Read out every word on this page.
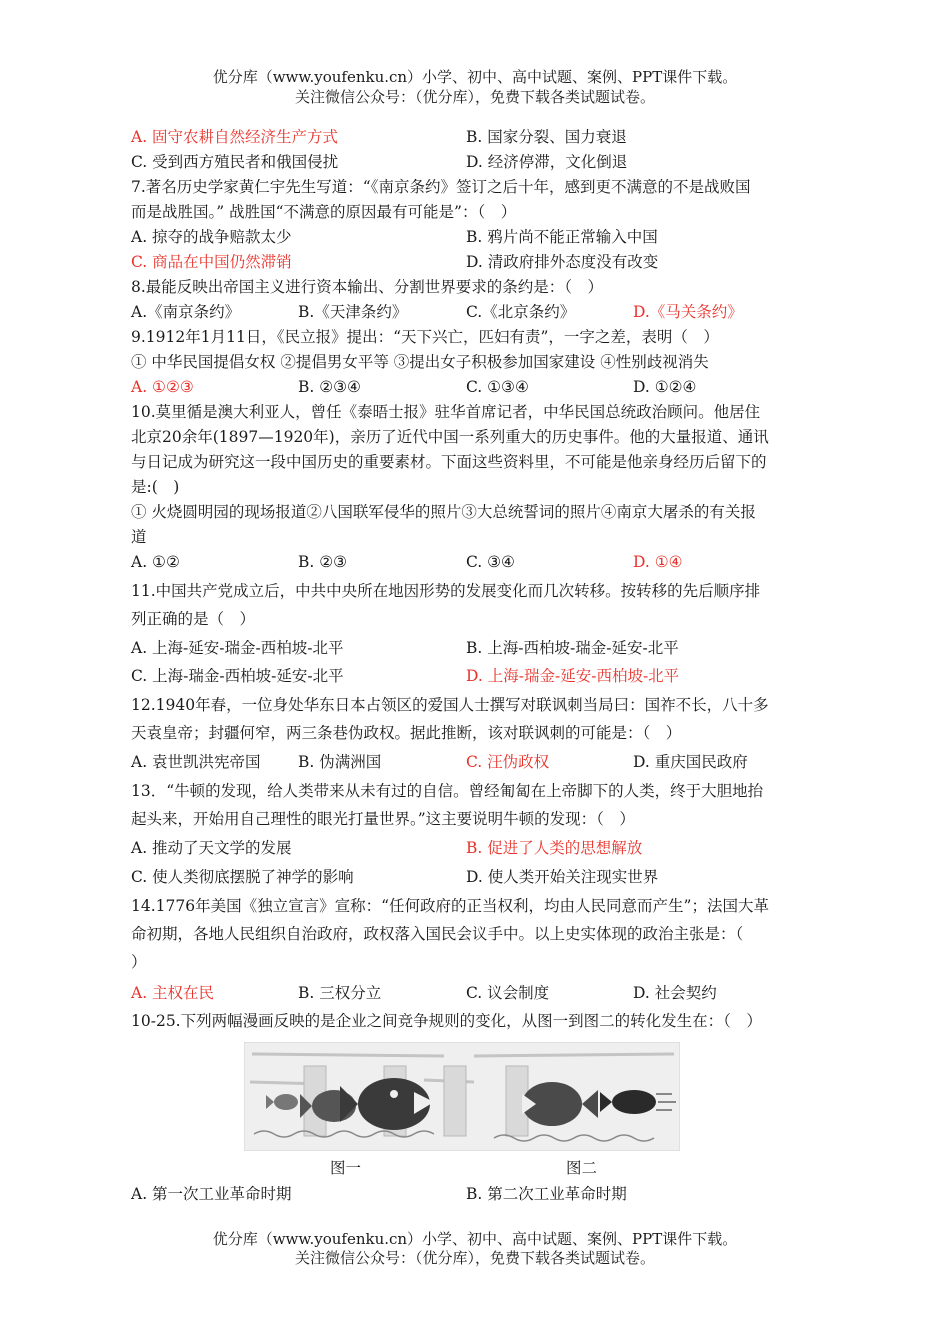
优分库（www.youfenku.cn）小学、初中、高中试题、案例、PPT课件下载。
关注微信公众号：（优分库），免费下载各类试题试卷。
A. 固守农耕自然经济生产方式	B. 国家分裂、国力衰退
C. 受到西方殖民者和俄国侵扰	D. 经济停滞，文化倒退
7.著名历史学家黄仁宇先生写道：“《南京条约》签订之后十年，感到更不满意的不是战败国
而是战胜国。” 战胜国“不满意的原因最有可能是”：（　）
A. 掠夺的战争赔款太少	B. 鸦片尚不能正常输入中国
C. 商品在中国仍然滞销	D. 清政府排外态度没有改变
8.最能反映出帝国主义进行资本输出、分割世界要求的条约是：（　）
A.《南京条约》	B.《天津条约》	C.《北京条约》	D.《马关条约》
9.1912年1月11日，《民立报》提出：“天下兴亡，匹妇有责”，一字之差，表明（　）
① 中华民国提倡女权 ②提倡男女平等 ③提出女子积极参加国家建设 ④性别歧视消失
A. ①②③	B. ②③④	C. ①③④	D. ①②④
10.莫里循是澳大利亚人，曾任《泰晤士报》驻华首席记者，中华民国总统政治顾问。他居住
北京20余年(1897—1920年)，亲历了近代中国一系列重大的历史事件。他的大量报道、通讯
与日记成为研究这一段中国历史的重要素材。下面这些资料里，不可能是他亲身经历后留下的
是:(　)
① 火烧圆明园的现场报道②八国联军侵华的照片③大总统誓词的照片④南京大屠杀的有关报
道
A. ①②	B. ②③	C. ③④	D. ①④
11.中国共产党成立后，中共中央所在地因形势的发展变化而几次转移。按转移的先后顺序排
列正确的是（　）
A. 上海-延安-瑞金-西柏坡-北平	B. 上海-西柏坡-瑞金-延安-北平
C. 上海-瑞金-西柏坡-延安-北平	D. 上海-瑞金-延安-西柏坡-北平
12.1940年春，一位身处华东日本占领区的爱国人士撰写对联讽刺当局曰：国祚不长，八十多
天袁皇帝；封疆何窄，两三条巷伪政权。据此推断，该对联讽刺的可能是：（　）
A. 袁世凯洪宪帝国 B. 伪满洲国	C. 汪伪政权	D. 重庆国民政府
13．“牛顿的发现，给人类带来从未有过的自信。曾经匍匐在上帝脚下的人类，终于大胆地抬
起头来，开始用自己理性的眼光打量世界。”这主要说明牛顿的发现：（　）
A. 推动了天文学的发展	B. 促进了人类的思想解放
C. 使人类彻底摆脱了神学的影响	D. 使人类开始关注现实世界
14.1776年美国《独立宣言》宣称：“任何政府的正当权利，均由人民同意而产生”；法国大革
命初期，各地人民组织自治政府，政权落入国民会议手中。以上史实体现的政治主张是：（
）
A. 主权在民	B. 三权分立	C. 议会制度	D. 社会契约
10-25.下列两幅漫画反映的是企业之间竞争规则的变化，从图一到图二的转化发生在：（　）
图一	图二
A. 第一次工业革命时期	B. 第二次工业革命时期
优分库（www.youfenku.cn）小学、初中、高中试题、案例、PPT课件下载。
关注微信公众号：（优分库），免费下载各类试题试卷。
